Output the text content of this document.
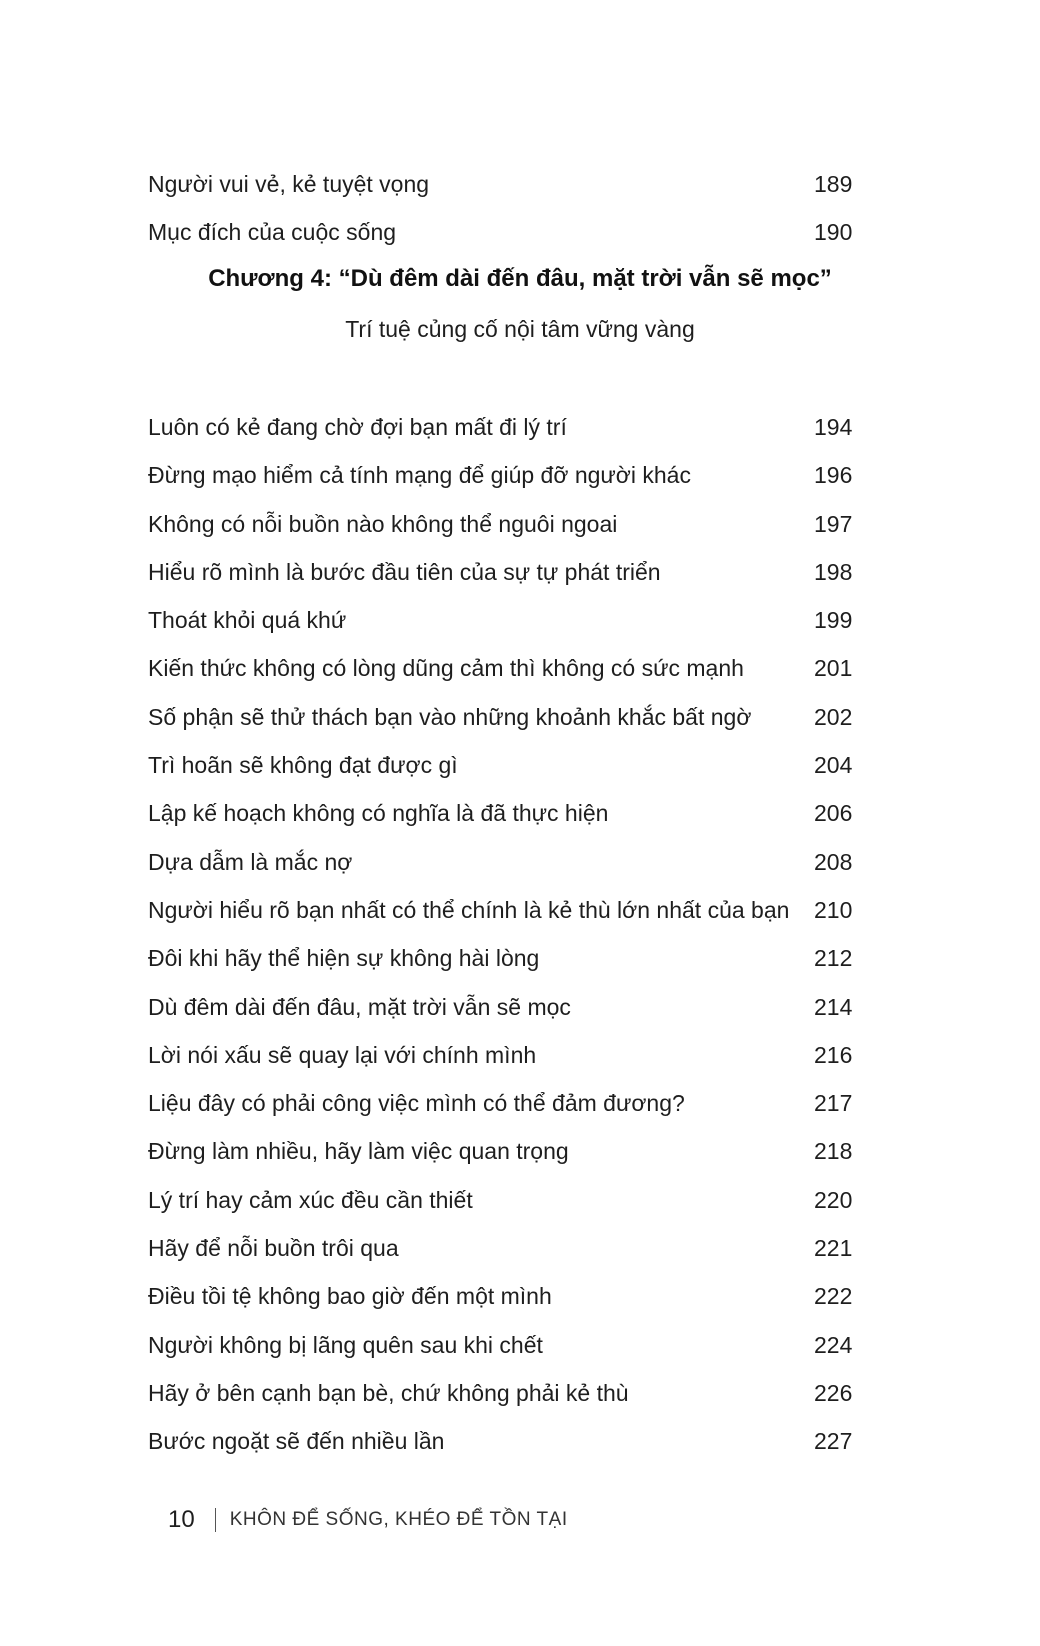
Người vui vẻ, kẻ tuyệt vọng	189
Mục đích của cuộc sống	190
Chương 4: “Dù đêm dài đến đâu, mặt trời vẫn sẽ mọc”
Trí tuệ củng cố nội tâm vững vàng
Luôn có kẻ đang chờ đợi bạn mất đi lý trí	194
Đừng mạo hiểm cả tính mạng để giúp đỡ người khác	196
Không có nỗi buồn nào không thể nguôi ngoai	197
Hiểu rõ mình là bước đầu tiên của sự tự phát triển	198
Thoát khỏi quá khứ	199
Kiến thức không có lòng dũng cảm thì không có sức mạnh	201
Số phận sẽ thử thách bạn vào những khoảnh khắc bất ngờ	202
Trì hoãn sẽ không đạt được gì	204
Lập kế hoạch không có nghĩa là đã thực hiện	206
Dựa dẫm là mắc nợ	208
Người hiểu rõ bạn nhất có thể chính là kẻ thù lớn nhất của bạn	210
Đôi khi hãy thể hiện sự không hài lòng	212
Dù đêm dài đến đâu, mặt trời vẫn sẽ mọc	214
Lời nói xấu sẽ quay lại với chính mình	216
Liệu đây có phải công việc mình có thể đảm đương?	217
Đừng làm nhiều, hãy làm việc quan trọng	218
Lý trí hay cảm xúc đều cần thiết	220
Hãy để nỗi buồn trôi qua	221
Điều tồi tệ không bao giờ đến một mình	222
Người không bị lãng quên sau khi chết	224
Hãy ở bên cạnh bạn bè, chứ không phải kẻ thù	226
Bước ngoặt sẽ đến nhiều lần	227
10 KHÔN ĐỂ SỐNG, KHÉO ĐỂ TỒN TẠI
